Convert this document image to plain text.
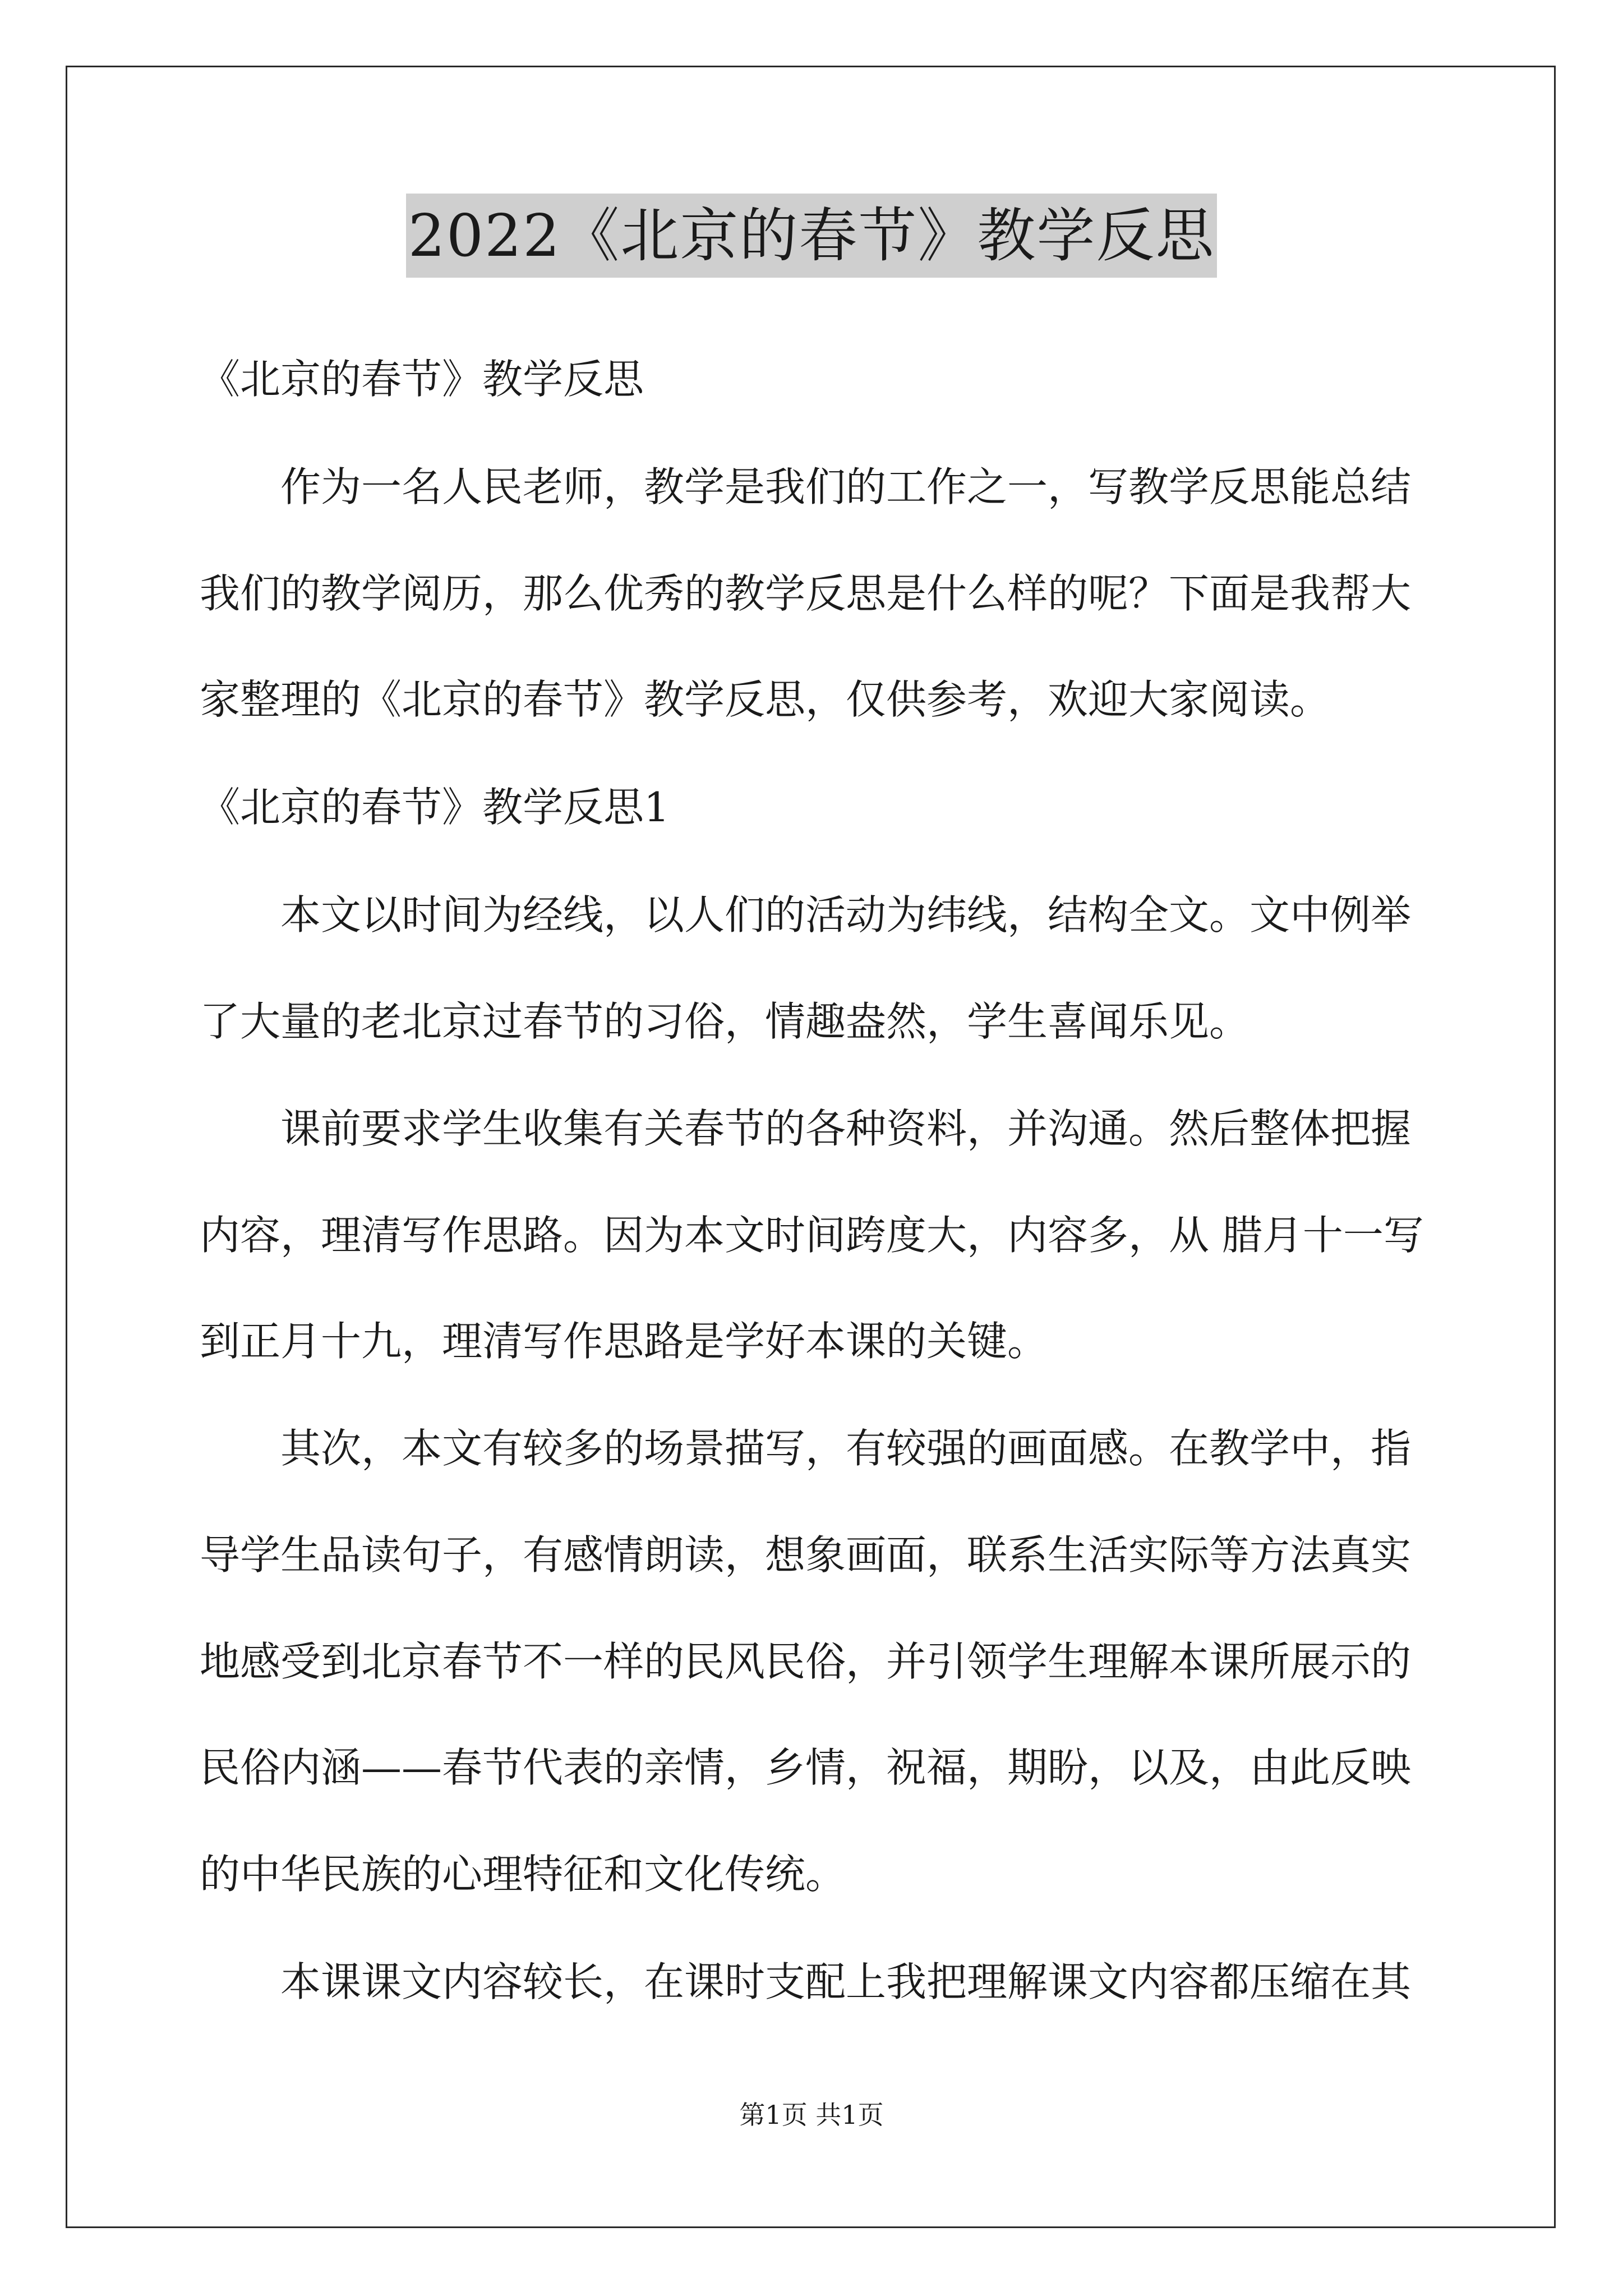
2022《北京的春节》教学反思
《北京的春节》教学反思
作为一名人民老师，教学是我们的工作之一，写教学反思能总结
我们的教学阅历，那么优秀的教学反思是什么样的呢？下面是我帮大
家整理的《北京的春节》教学反思，仅供参考，欢迎大家阅读。
《北京的春节》教学反思1
本文以时间为经线，以人们的活动为纬线，结构全文。文中例举
了大量的老北京过春节的习俗，情趣盎然，学生喜闻乐见。
课前要求学生收集有关春节的各种资料，并沟通。然后整体把握
内容，理清写作思路。因为本文时间跨度大，内容多，从 腊月十一写
到正月十九，理清写作思路是学好本课的关键。
其次，本文有较多的场景描写，有较强的画面感。在教学中，指
导学生品读句子，有感情朗读，想象画面，联系生活实际等方法真实
地感受到北京春节不一样的民风民俗，并引领学生理解本课所展示的
民俗内涵——春节代表的亲情，乡情，祝福，期盼，以及，由此反映
的中华民族的心理特征和文化传统。
本课课文内容较长，在课时支配上我把理解课文内容都压缩在其
第1页 共1页
